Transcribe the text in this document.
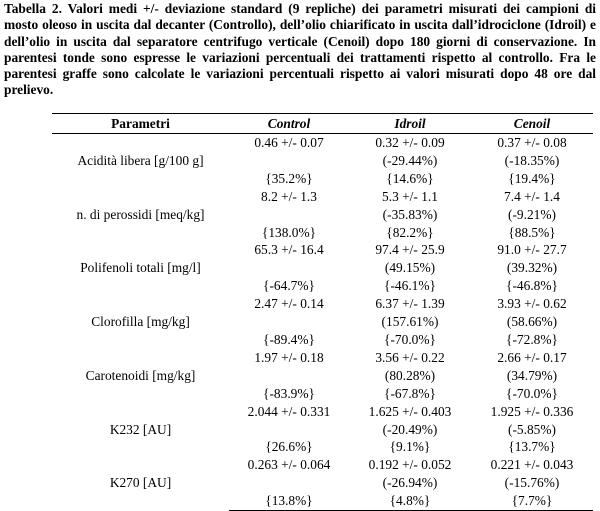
Tabella 2. Valori medi +/- deviazione standard (9 repliche) dei parametri misurati dei campioni di mosto oleoso in uscita dal decanter (Controllo), dell’olio chiarificato in uscita dall’idrociclone (Idroil) e dell’olio in uscita dal separatore centrifugo verticale (Cenoil) dopo 180 giorni di conservazione. In parentesi tonde sono espresse le variazioni percentuali dei trattamenti rispetto al controllo. Fra le parentesi graffe sono calcolate le variazioni percentuali rispetto ai valori misurati dopo 48 ore dal prelievo.
Parametri	Control	Idroil	Cenoil
Acidità libera [g/100 g]	0.46 +/- 0.07	0.32 +/- 0.09	0.37 +/- 0.08
		(-29.44%)	(-18.35%)
	{35.2%}	{14.6%}	{19.4%}
n. di perossidi [meq/kg]	8.2 +/- 1.3	5.3 +/- 1.1	7.4 +/- 1.4
		(-35.83%)	(-9.21%)
	{138.0%}	{82.2%}	{88.5%}
Polifenoli totali [mg/l]	65.3 +/- 16.4	97.4 +/- 25.9	91.0 +/- 27.7
		(49.15%)	(39.32%)
	{-64.7%}	{-46.1%}	{-46.8%}
Clorofilla [mg/kg]	2.47 +/- 0.14	6.37 +/- 1.39	3.93 +/- 0.62
		(157.61%)	(58.66%)
	{-89.4%}	{-70.0%}	{-72.8%}
Carotenoidi [mg/kg]	1.97 +/- 0.18	3.56 +/- 0.22	2.66 +/- 0.17
		(80.28%)	(34.79%)
	{-83.9%}	{-67.8%}	{-70.0%}
K232 [AU]	2.044 +/- 0.331	1.625 +/- 0.403	1.925 +/- 0.336
		(-20.49%)	(-5.85%)
	{26.6%}	{9.1%}	{13.7%}
K270 [AU]	0.263 +/- 0.064	0.192 +/- 0.052	0.221 +/- 0.043
		(-26.94%)	(-15.76%)
	{13.8%}	{4.8%}	{7.7%}
